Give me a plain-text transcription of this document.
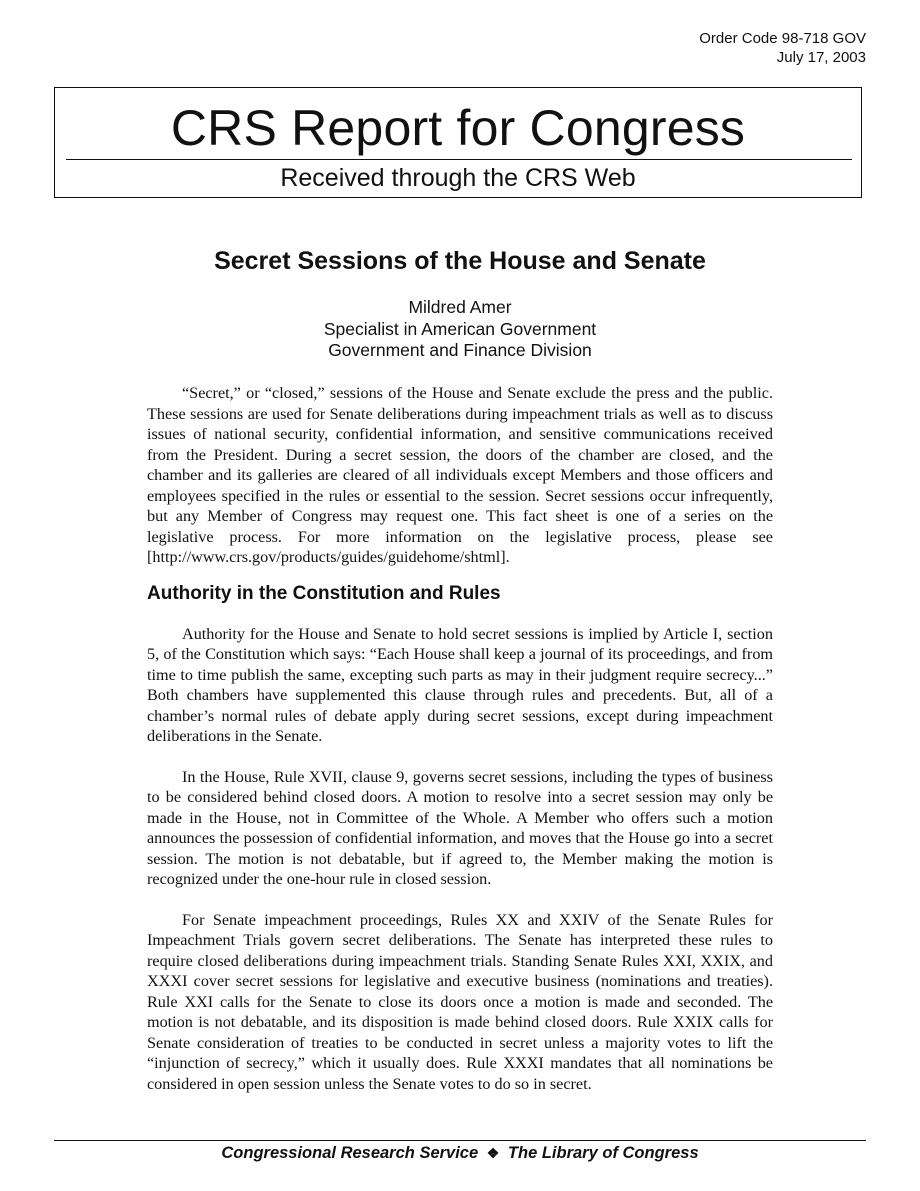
Order Code 98-718 GOV
July 17, 2003
CRS Report for Congress
Received through the CRS Web
Secret Sessions of the House and Senate
Mildred Amer
Specialist in American Government
Government and Finance Division

“Secret,” or “closed,” sessions of the House and Senate exclude the press and the public. These sessions are used for Senate deliberations during impeachment trials as well as to discuss issues of national security, confidential information, and sensitive communications received from the President. During a secret session, the doors of the chamber are closed, and the chamber and its galleries are cleared of all individuals except Members and those officers and employees specified in the rules or essential to the session. Secret sessions occur infrequently, but any Member of Congress may request one. This fact sheet is one of a series on the legislative process. For more information on the legislative process, please see [http://www.crs.gov/products/guides/guidehome/shtml].

Authority in the Constitution and Rules

Authority for the House and Senate to hold secret sessions is implied by Article I, section 5, of the Constitution which says: “Each House shall keep a journal of its proceedings, and from time to time publish the same, excepting such parts as may in their judgment require secrecy...” Both chambers have supplemented this clause through rules and precedents. But, all of a chamber’s normal rules of debate apply during secret sessions, except during impeachment deliberations in the Senate.

In the House, Rule XVII, clause 9, governs secret sessions, including the types of business to be considered behind closed doors. A motion to resolve into a secret session may only be made in the House, not in Committee of the Whole. A Member who offers such a motion announces the possession of confidential information, and moves that the House go into a secret session. The motion is not debatable, but if agreed to, the Member making the motion is recognized under the one-hour rule in closed session.

For Senate impeachment proceedings, Rules XX and XXIV of the Senate Rules for Impeachment Trials govern secret deliberations. The Senate has interpreted these rules to require closed deliberations during impeachment trials. Standing Senate Rules XXI, XXIX, and XXXI cover secret sessions for legislative and executive business (nominations and treaties). Rule XXI calls for the Senate to close its doors once a motion is made and seconded. The motion is not debatable, and its disposition is made behind closed doors. Rule XXIX calls for Senate consideration of treaties to be conducted in secret unless a majority votes to lift the “injunction of secrecy,” which it usually does. Rule XXXI mandates that all nominations be considered in open session unless the Senate votes to do so in secret.

Congressional Research Service ❖ The Library of Congress
